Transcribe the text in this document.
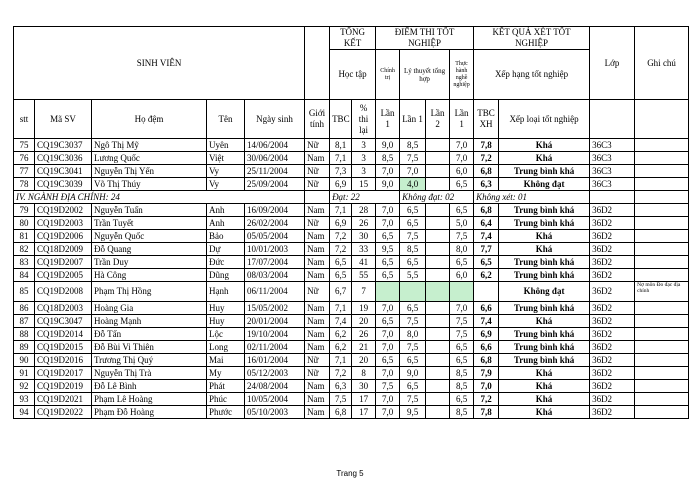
SINH VIÊN						TỔNG KẾT		ĐIỂM THI TỐT NGHIỆP				KẾT QUẢ XÉT TỐT NGHIỆP		Lớp	Ghi chú
						Học tập		Chính trị	Lý thuyết tổng hợp		Thực hành nghề nghiệp	Xếp hạng tốt nghiệp			

stt	Mã SV	Họ đệm	Tên	Ngày sinh	Giới tính	TBC	% thi lại	Lần 1	Lần 1	Lần 2	Lần 1	TBC XH	Xếp loại tốt nghiệp		
75	CQ19C3037	Ngô Thị Mỹ	Uyên	14/06/2004	Nữ	8,1	3	9,0	8,5		7,0	7,8	Khá	36C3	
76	CQ19C3036	Lương Quốc	Việt	30/06/2004	Nam	7,1	3	8,5	7,5		7,0	7,2	Khá	36C3	
77	CQ19C3041	Nguyễn Thị Yến	Vy	25/11/2004	Nữ	7,3	3	7,0	7,0		6,0	6,8	Trung bình khá	36C3	
78	CQ19C3039	Võ Thị Thúy	Vy	25/09/2004	Nữ	6,9	15	9,0	4,0		6,5	6,3	Không đạt	36C3	
IV. NGÀNH ĐỊA CHÍNH: 24						Đạt: 22			Không đạt: 02			Không xét: 01			
79	CQ19D2002	Nguyễn Tuấn	Anh	16/09/2004	Nam	7,1	28	7,0	6,5		6,5	6,8	Trung bình khá	36D2	
80	CQ19D2003	Trần Tuyết	Anh	26/02/2004	Nữ	6,9	26	7,0	6,5		5,0	6,4	Trung bình khá	36D2	
81	CQ19D2006	Nguyễn Quốc	Bảo	05/05/2004	Nam	7,2	30	6,5	7,5		7,5	7,4	Khá	36D2	
82	CQ18D2009	Đỗ Quang	Dự	10/01/2003	Nam	7,2	33	9,5	8,5		8,0	7,7	Khá	36D2	
83	CQ19D2007	Trần Duy	Đức	17/07/2004	Nam	6,5	41	6,5	6,5		6,5	6,5	Trung bình khá	36D2	
84	CQ19D2005	Hà Công	Dũng	08/03/2004	Nam	6,5	55	6,5	5,5		6,0	6,2	Trung bình khá	36D2	
85	CQ19D2008	Phạm Thị Hồng	Hạnh	06/11/2004	Nữ	6,7	7						Không đạt	36D2	Nợ môn Đo đạc địa chính
86	CQ18D2003	Hoàng Gia	Huy	15/05/2002	Nam	7,1	19	7,0	6,5		7,0	6,6	Trung bình khá	36D2	
87	CQ19C3047	Hoàng Mạnh	Huy	20/01/2004	Nam	7,4	20	6,5	7,5		7,5	7,4	Khá	36D2	
88	CQ19D2014	Đỗ Tấn	Lộc	19/10/2004	Nam	6,2	26	7,0	8,0		7,5	6,9	Trung bình khá	36D2	
89	CQ19D2015	Đỗ Bùi Vi Thiên	Long	02/11/2004	Nam	6,2	21	7,0	7,5		6,5	6,6	Trung bình khá	36D2	
90	CQ19D2016	Trương Thị Quý	Mai	16/01/2004	Nữ	7,1	20	6,5	6,5		6,5	6,8	Trung bình khá	36D2	
91	CQ19D2017	Nguyễn Thị Trà	My	05/12/2003	Nữ	7,2	8	7,0	9,0		8,5	7,9	Khá	36D2	
92	CQ19D2019	Đỗ Lê Bình	Phát	24/08/2004	Nam	6,3	30	7,5	6,5		8,5	7,0	Khá	36D2	
93	CQ19D2021	Phạm Lê Hoàng	Phúc	10/05/2004	Nam	7,5	17	7,0	7,5		6,5	7,2	Khá	36D2	
94	CQ19D2022	Phạm Đỗ Hoàng	Phước	05/10/2003	Nam	6,8	17	7,0	9,5		8,5	7,8	Khá	36D2	
Trang 5
